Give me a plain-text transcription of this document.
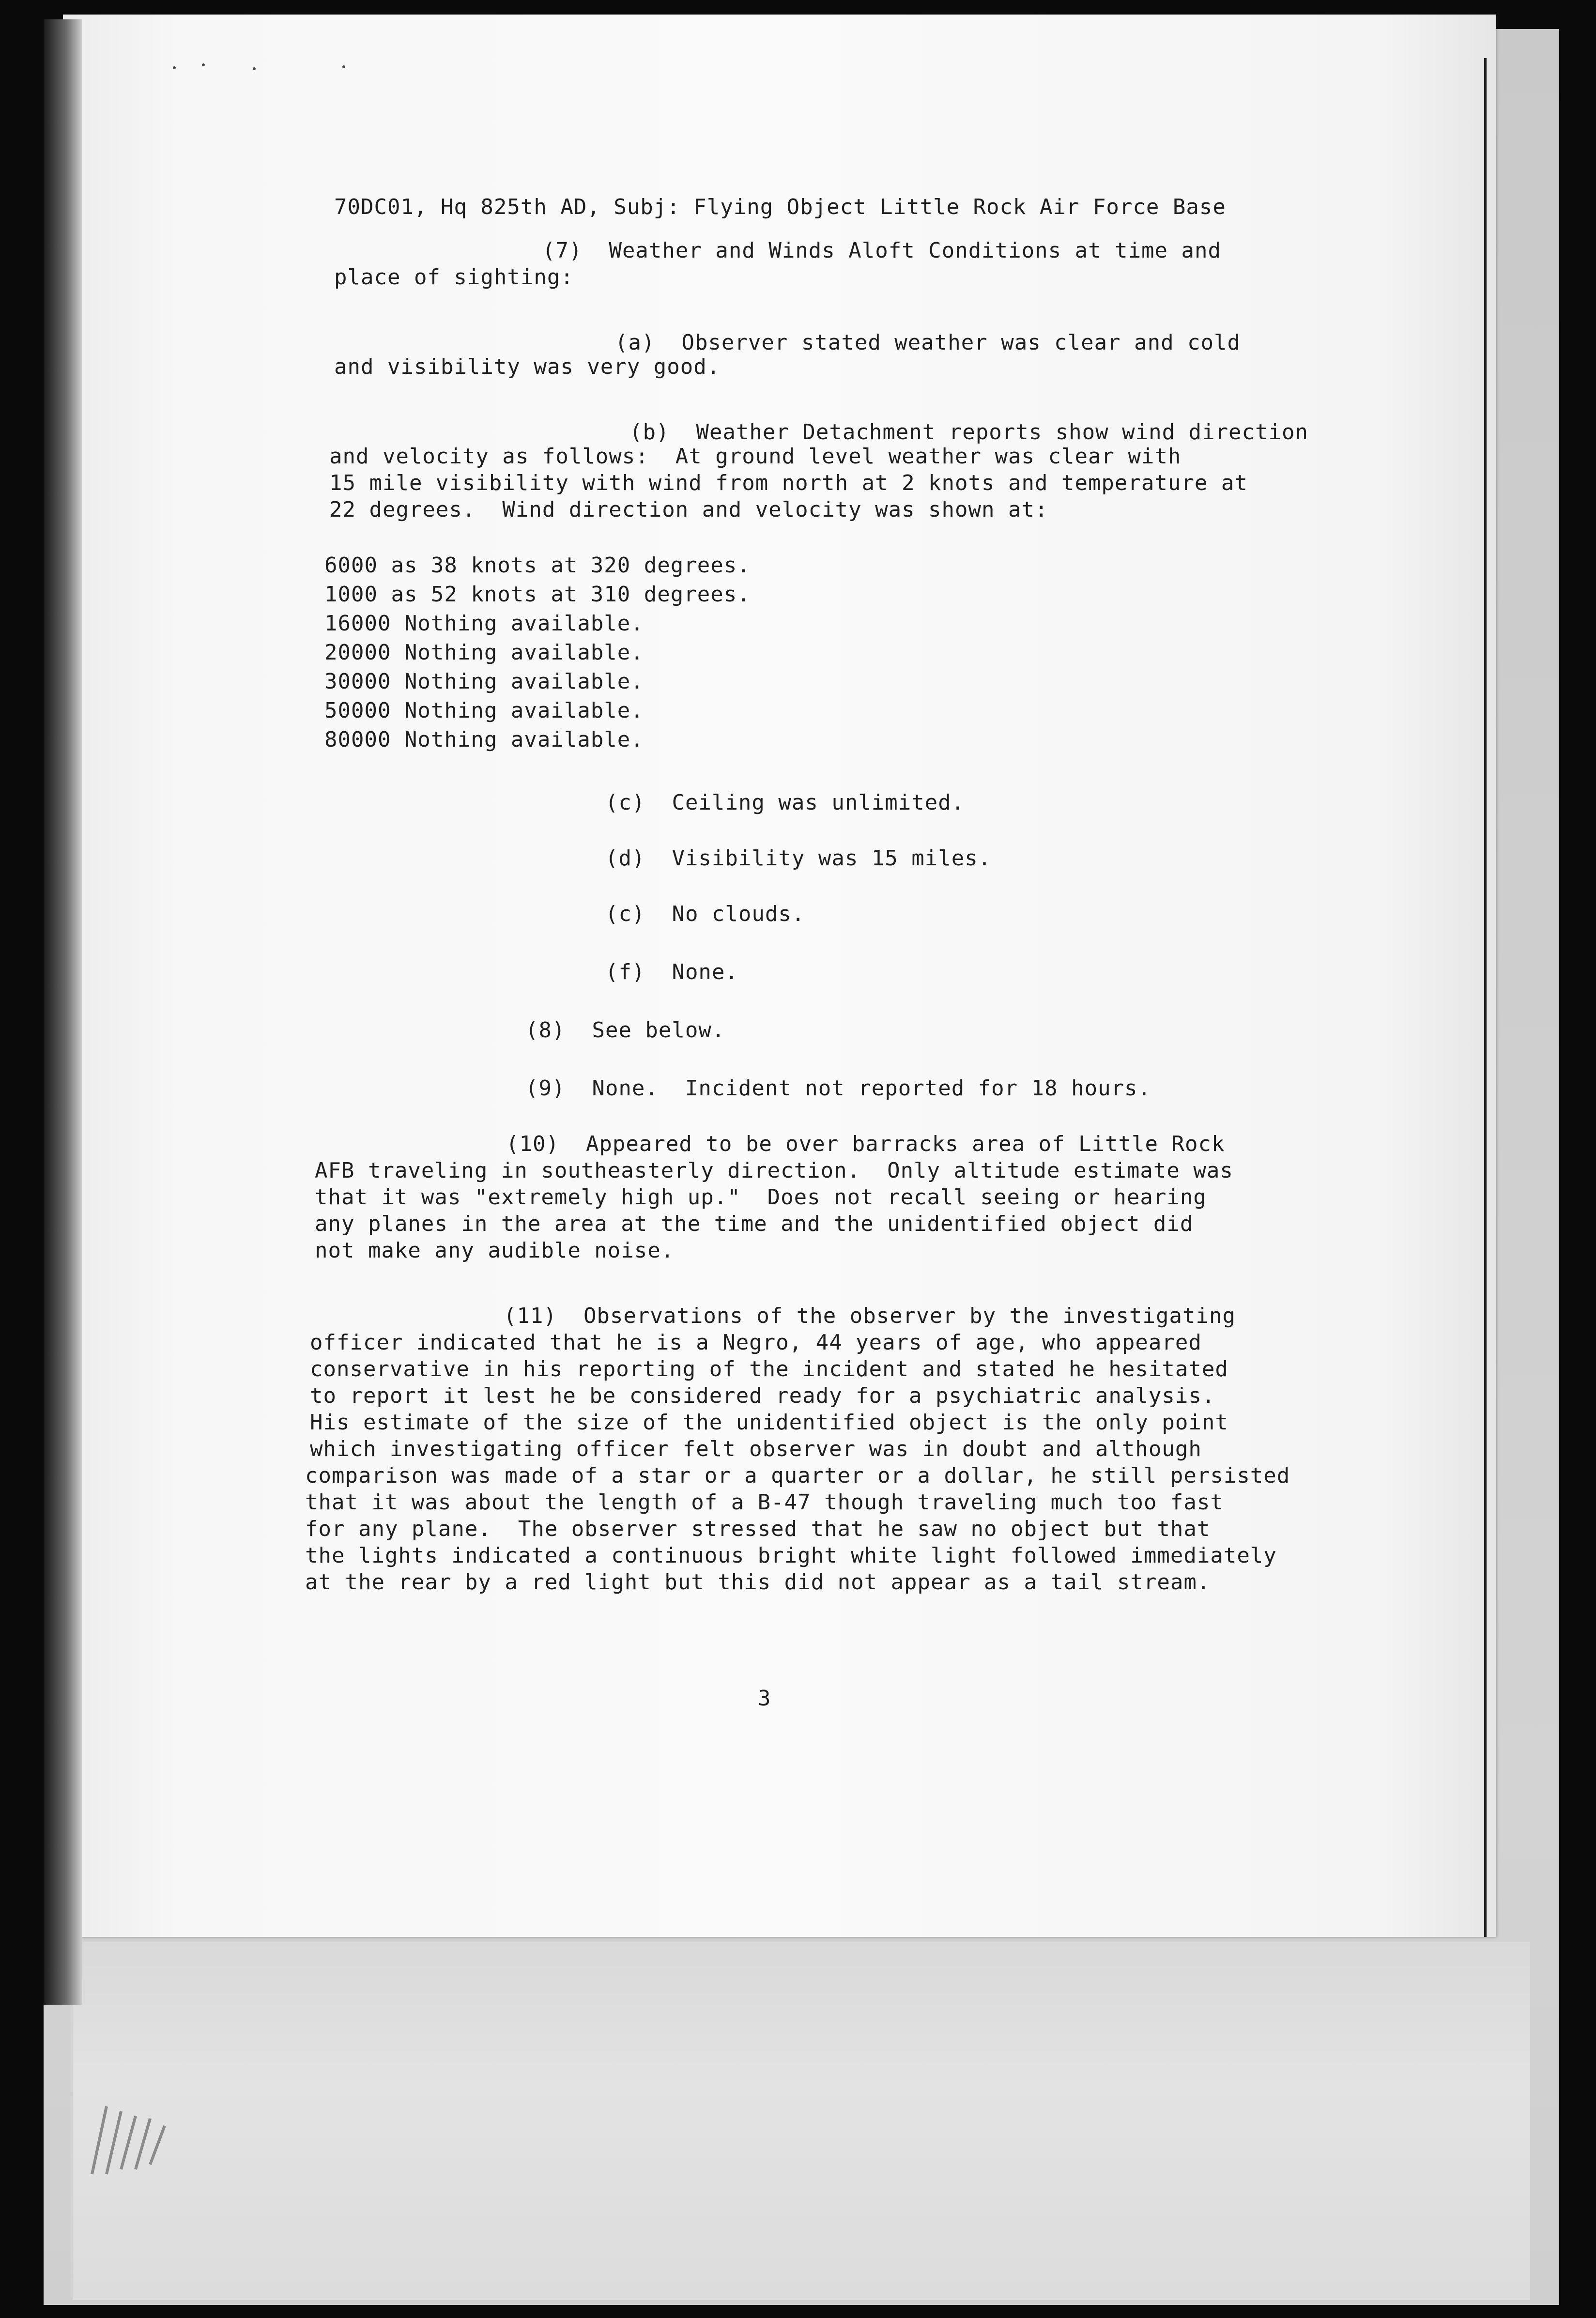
70DC01, Hq 825th AD, Subj: Flying Object Little Rock Air Force Base
(7)  Weather and Winds Aloft Conditions at time and
place of sighting:
(a)  Observer stated weather was clear and cold
and visibility was very good.
(b)  Weather Detachment reports show wind direction
and velocity as follows:  At ground level weather was clear with
15 mile visibility with wind from north at 2 knots and temperature at
22 degrees.  Wind direction and velocity was shown at:
6000 as 38 knots at 320 degrees.
1000 as 52 knots at 310 degrees.
16000 Nothing available.
20000 Nothing available.
30000 Nothing available.
50000 Nothing available.
80000 Nothing available.
(c)  Ceiling was unlimited.
(d)  Visibility was 15 miles.
(c)  No clouds.
(f)  None.
(8)  See below.
(9)  None.  Incident not reported for 18 hours.
(10)  Appeared to be over barracks area of Little Rock
AFB traveling in southeasterly direction.  Only altitude estimate was
that it was "extremely high up."  Does not recall seeing or hearing
any planes in the area at the time and the unidentified object did
not make any audible noise.
(11)  Observations of the observer by the investigating
officer indicated that he is a Negro, 44 years of age, who appeared
conservative in his reporting of the incident and stated he hesitated
to report it lest he be considered ready for a psychiatric analysis.
His estimate of the size of the unidentified object is the only point
which investigating officer felt observer was in doubt and although
comparison was made of a star or a quarter or a dollar, he still persisted
that it was about the length of a B-47 though traveling much too fast
for any plane.  The observer stressed that he saw no object but that
the lights indicated a continuous bright white light followed immediately
at the rear by a red light but this did not appear as a tail stream.
3
